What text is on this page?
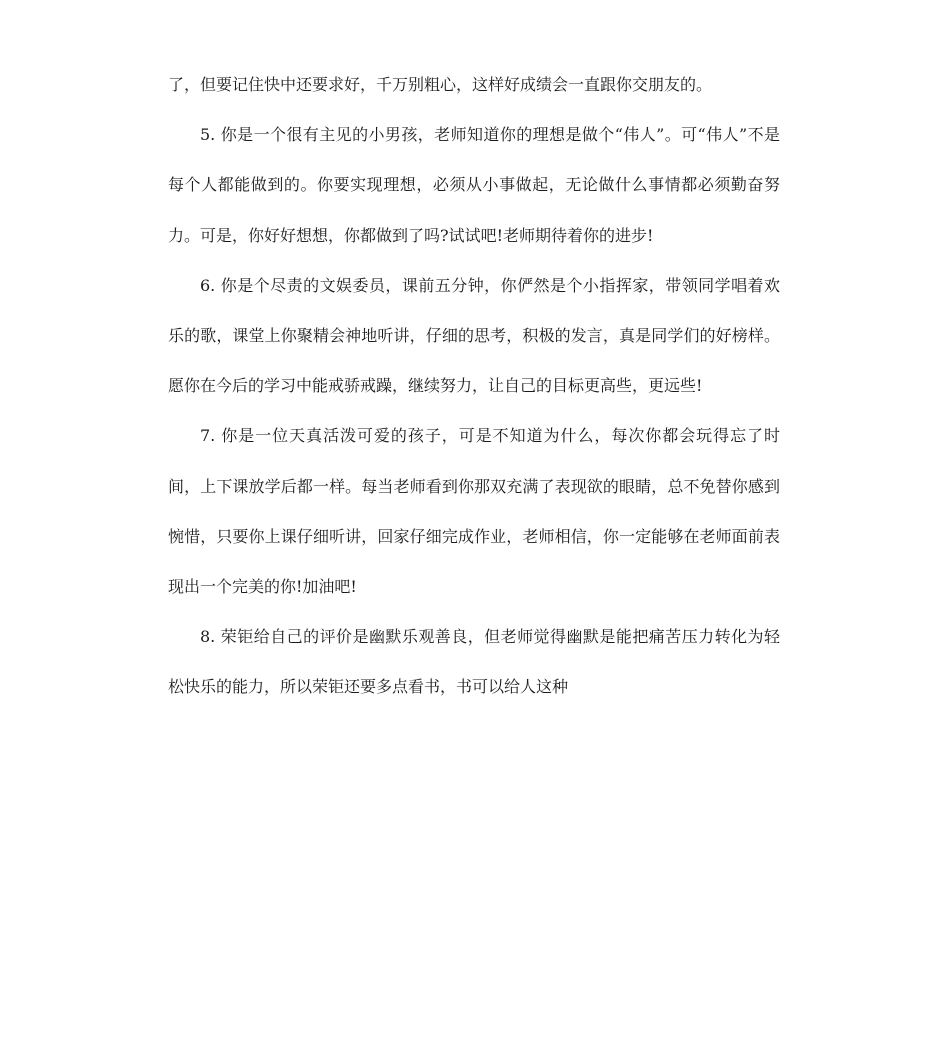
了，但要记住快中还要求好，千万别粗心，这样好成绩会一直跟你交朋友的。

5. 你是一个很有主见的小男孩，老师知道你的理想是做个“伟人”。可“伟人”不是每个人都能做到的。你要实现理想，必须从小事做起，无论做什么事情都必须勤奋努力。可是，你好好想想，你都做到了吗?试试吧!老师期待着你的进步!

6. 你是个尽责的文娱委员，课前五分钟，你俨然是个小指挥家，带领同学唱着欢乐的歌，课堂上你聚精会神地听讲，仔细的思考，积极的发言，真是同学们的好榜样。愿你在今后的学习中能戒骄戒躁，继续努力，让自己的目标更高些，更远些!

7. 你是一位天真活泼可爱的孩子，可是不知道为什么，每次你都会玩得忘了时间，上下课放学后都一样。每当老师看到你那双充满了表现欲的眼睛，总不免替你感到惋惜，只要你上课仔细听讲，回家仔细完成作业，老师相信，你一定能够在老师面前表现出一个完美的你!加油吧!

8. 荣钜给自己的评价是幽默乐观善良，但老师觉得幽默是能把痛苦压力转化为轻松快乐的能力，所以荣钜还要多点看书，书可以给人这种
